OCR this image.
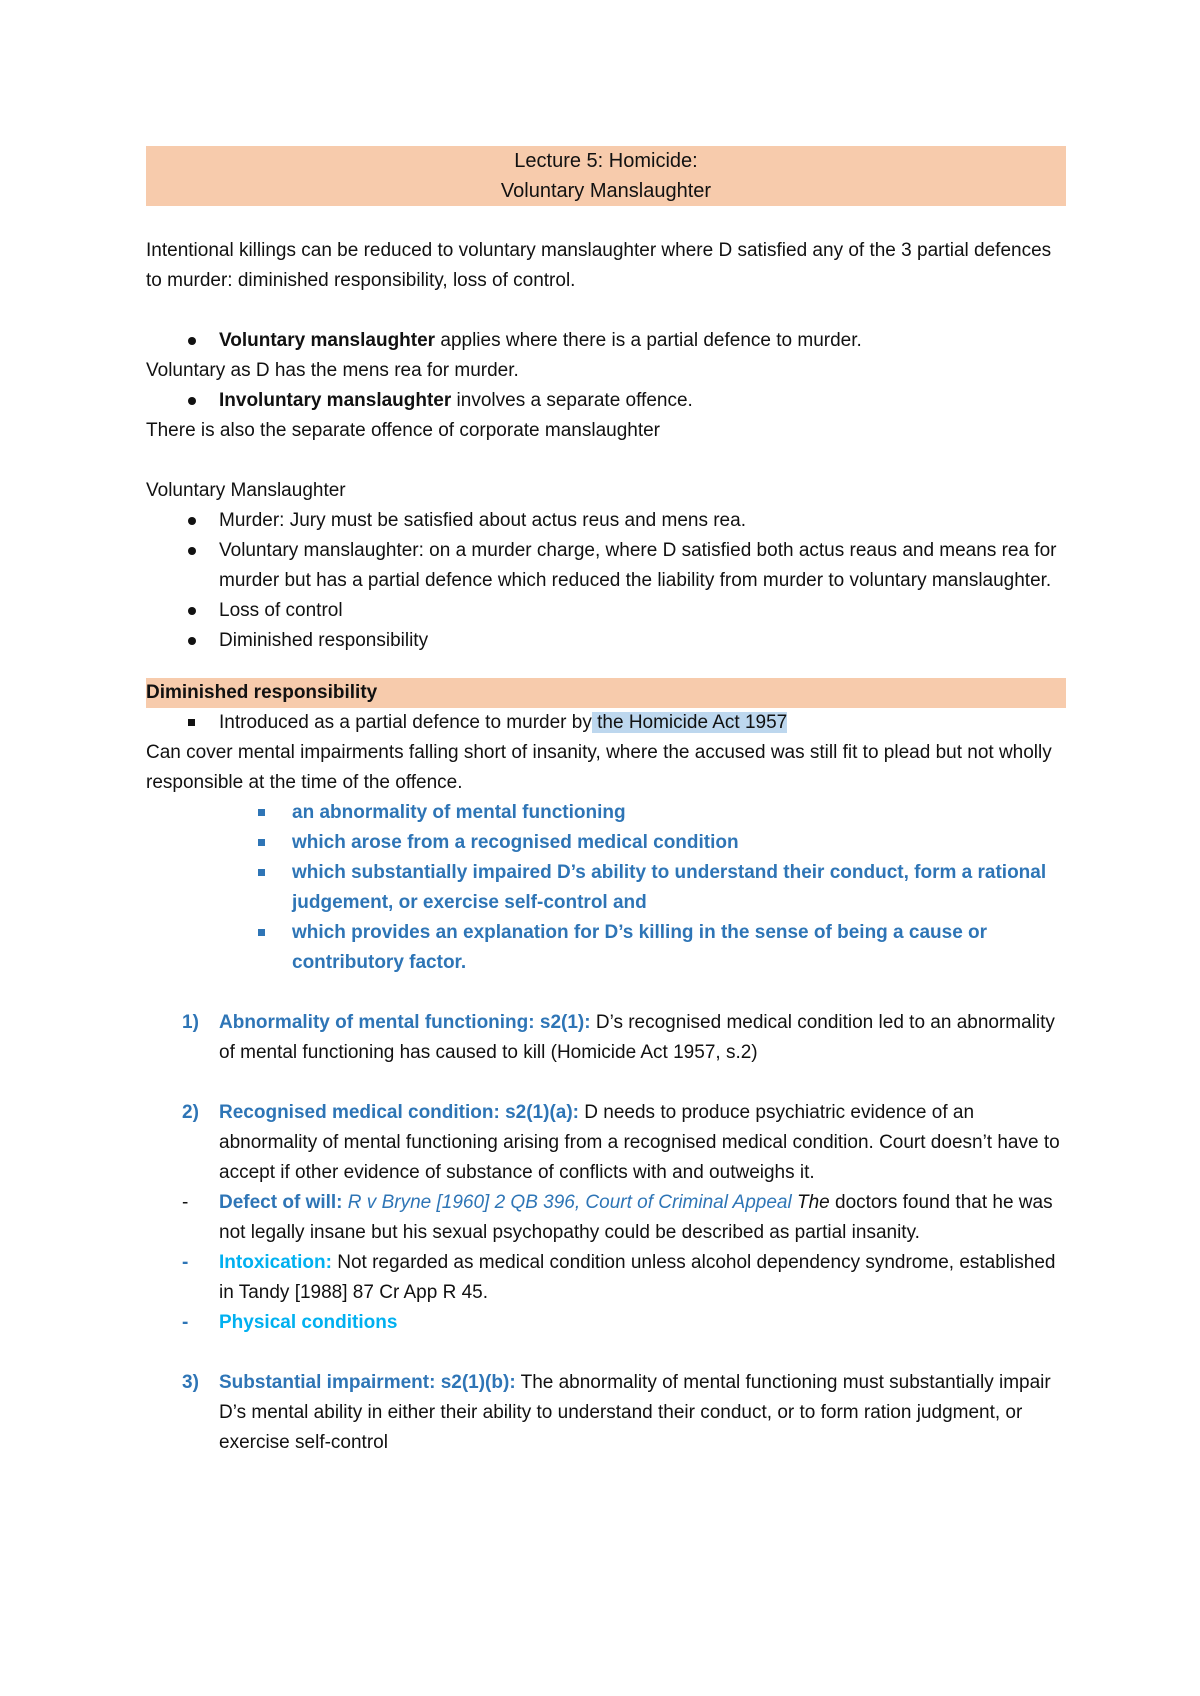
Lecture 5: Homicide:
Voluntary Manslaughter

Intentional killings can be reduced to voluntary manslaughter where D satisfied any of the 3 partial defences to murder: diminished responsibility, loss of control.

Voluntary manslaughter applies where there is a partial defence to murder.

Voluntary as D has the mens rea for murder.

Involuntary manslaughter involves a separate offence.

There is also the separate offence of corporate manslaughter

Voluntary Manslaughter

Murder: Jury must be satisfied about actus reus and mens rea.
Voluntary manslaughter: on a murder charge, where D satisfied both actus reaus and means rea for murder but has a partial defence which reduced the liability from murder to voluntary manslaughter.
Loss of control
Diminished responsibility

Diminished responsibility

Introduced as a partial defence to murder by the Homicide Act 1957

Can cover mental impairments falling short of insanity, where the accused was still fit to plead but not wholly responsible at the time of the offence.

an abnormality of mental functioning
which arose from a recognised medical condition
which substantially impaired D’s ability to understand their conduct, form a rational judgement, or exercise self-control and
which provides an explanation for D’s killing in the sense of being a cause or contributory factor.
1) Abnormality of mental functioning: s2(1): D’s recognised medical condition led to an abnormality of mental functioning has caused to kill (Homicide Act 1957, s.2)
2) Recognised medical condition: s2(1)(a): D needs to produce psychiatric evidence of an abnormality of mental functioning arising from a recognised medical condition. Court doesn’t have to accept if other evidence of substance of conflicts with and outweighs it.
- Defect of will: R v Bryne [1960] 2 QB 396, Court of Criminal Appeal The doctors found that he was not legally insane but his sexual psychopathy could be described as partial insanity.
- Intoxication: Not regarded as medical condition unless alcohol dependency syndrome, established in Tandy [1988] 87 Cr App R 45.
- Physical conditions
3) Substantial impairment: s2(1)(b): The abnormality of mental functioning must substantially impair D’s mental ability in either their ability to understand their conduct, or to form ration judgment, or exercise self-control
